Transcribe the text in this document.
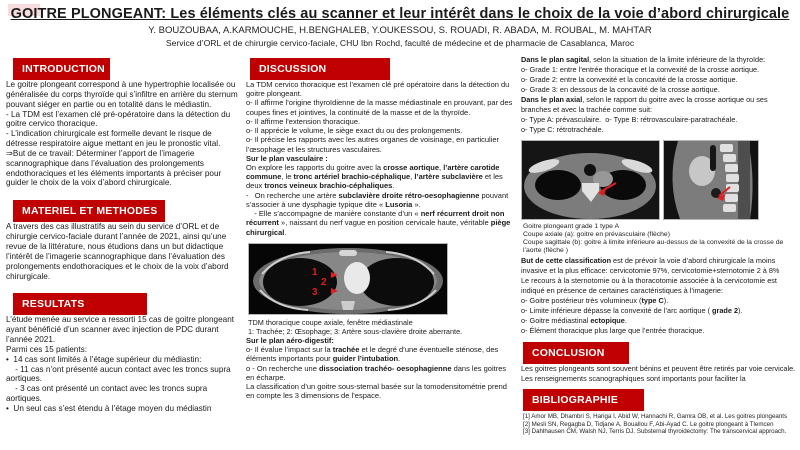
GOITRE PLONGEANT: Les éléments clés au scanner et leur intérêt dans le choix de la voie d’abord chirurgicale
Y. BOUZOUBAA, A.KARMOUCHE, H.BENGHALEB, Y.OUKESSOU, S. ROUADI, R. ABADA, M. ROUBAL, M. MAHTAR
Service d’ORL et de chirurgie cervico-faciale, CHU Ibn Rochd, faculté de médecine et de pharmacie de Casablanca, Maroc
INTRODUCTION

Le goitre plongeant correspond à une hypertrophie localisée ou généralisée du corps thyroïde qui s’infiltre en arrière du sternum pouvant siéger en partie ou en totalité dans le médiastin.
- La TDM est l’examen clé pré-opératoire dans la détection du goitre cervico thoracique.
- L’indication chirurgicale est formelle devant le risque de détresse respiratoire aigue mettant en jeu le pronostic vital.
⇒But de ce travail: Déterminer l’apport de l’imagerie scannographique dans l’évaluation des prolongements endothoraciques et les éléments importants à préciser pour guider le choix de la voix d’abord chirurgicale.

MATERIEL ET METHODES

A travers des cas illustratifs au sein du service d’ORL et de chirurgie cervico-faciale durant l’année de 2021, ainsi qu’une revue de la littérature, nous étudions dans un but didactique l’intérêt de l’imagerie scannographique dans l’évaluation des prolongements endothoraciques et le choix de la voix d’abord chirurgicale.

RESULTATS

L’étude menée au service a ressorti 15 cas de goitre plongeant ayant bénéficié d’un scanner avec injection de PDC durant l’année 2021.
Parmi ces 15 patients:
•  14 cas sont limités à l’étage supérieur du médiastin:
- 11 cas n’ont présenté aucun contact avec les troncs supra aortiques.
- 3 cas ont présenté un contact avec les troncs supra aortiques.
•  Un seul cas s’est étendu à l’étage moyen du médiastin

DISCUSSION

La TDM cervico thoracique est l’examen clé pré opératoire dans la détection du goitre plongeant.
o- Il affirme l’origine thyroïdienne de la masse médiastinale en prouvant, par des coupes fines et jointives, la continuité de la masse et de la thyroïde.
o- Il affirme l’extension thoracique.
o- Il apprécie le volume, le siège exact du ou des prolongements.
o- Il précise les rapports avec les autres organes de voisinage, en particulier l’œsophage et les structures vasculaires.
Sur le plan vasculaire :
On explore les rapports du goitre avec la crosse aortique, l’artère carotide commune, le tronc artériel brachio-céphalique, l’artère subclavière et les deux troncs veineux brachio-céphaliques.
-   On recherche une artère subclavière droite rétro-oesophagienne pouvant s’associer à une dysphagie typique dite « Lusoria ».
- Elle s’accompagne de manière constante d’un « nerf récurrent droit non récurrent », naissant du nerf vague en position cervicale haute, véritable piège chirurgical.

1
2
3
TDM thoracique coupe axiale, fenêtre médiastinale
1: Trachée; 2: Œsophage; 3: Artère sous-clavière droite aberrante.

Sur le plan aéro-digestif:
o- Il évalue l’impact sur la trachée et le degré d’une éventuelle sténose, des éléments importants pour guider l’intubation.
o - On recherche une dissociation trachéo- oesophagienne dans les goitres en écharpe.
La classification d’un goitre sous-sternal basée sur la tomodensitométrie prend en compte les 3 dimensions de l’espace.

Dans le plan sagital, selon la situation de la limite inférieure de la thyroïde:
o- Grade 1: entre l’entrée thoracique et la convexité de la crosse aortique.
o- Grade 2: entre la convexité et la concavité de la crosse aortique.
o- Grade 3: en dessous de la concavité de la crosse aortique.
Dans le plan axial, selon le rapport du goitre avec la crosse aortique ou ses branches et avec la trachée comme suit:
o- Type A: prévasculaire.  o- Type B: rétrovasculaire-paratrachéale.
o- Type C: rétrotrachéale.

Goitre plongeant grade 1 type A
Coupe axiale (a): goitre en prévasculaire (flèche)
Coupe sagittale (b): goitre à limite inférieure au-dessus de la convexité de la crosse de l’aorte (flèche )

But de cette classification est de prévoir la voie d’abord chirurgicale la moins invasive et la plus efficace: cervicotomie 97%, cervicotomie+sternotomie 2 à 8%
Le recours à la sternotomie ou à la thoracotomie associée à la cervicotomie est indiqué en présence de certaines caractéristiques à l’imagerie:
o- Goitre postérieur très volumineux (type C).
o- Limite inférieure dépasse la convexité de l’arc aortique ( grade 2).
o- Goitre médiastinal ectopique.
o- Élément thoracique plus large que l’entrée thoracique.

CONCLUSION

Les goitres plongeants sont souvent bénins et peuvent être retirés par voie cervicale. Les renseignements scanographiques sont importants pour faciliter la

BIBLIOGRAPHIE
[1] Amor MB, Dhambri S, Hariga I, Abid W, Hannachi R, Gamra OB, et al. Les goitres plongeants
[2] Mesli SN, Regagba D, Tidjane A, Bouallou F, Abi-Ayad C. Le goitre plongeant à Tlemcen
[3] Dahlhausen CM, Walsh NJ, Terris DJ. Substernal thyroidectomy: The transcervical approach.
